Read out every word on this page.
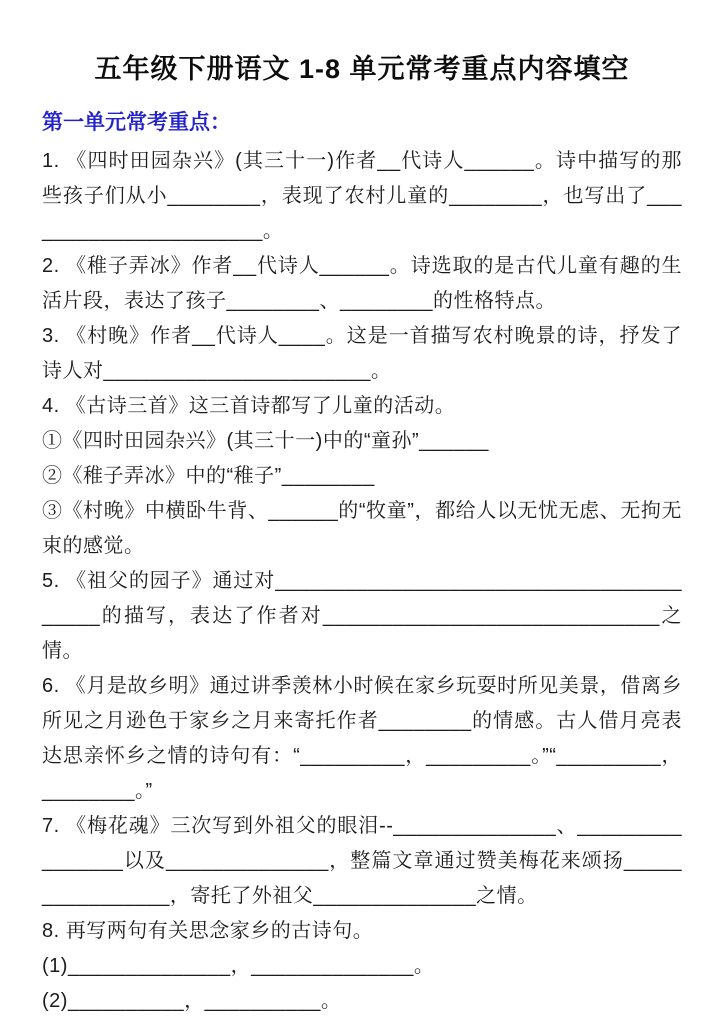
五年级下册语文 1-8 单元常考重点内容填空
第一单元常考重点：

1. 《四时田园杂兴》(其三十一)作者__代诗人______。诗中描写的那些孩子们从小________，表现了农村儿童的________，也写出了______________________。

2. 《稚子弄冰》作者__代诗人______。诗选取的是古代儿童有趣的生活片段，表达了孩子________、________的性格特点。

3. 《村晚》作者__代诗人____。这是一首描写农村晚景的诗，抒发了诗人对_______________________。

4. 《古诗三首》这三首诗都写了儿童的活动。

①《四时田园杂兴》(其三十一)中的“童孙”______

②《稚子弄冰》中的“稚子”________

③《村晚》中横卧牛背、______的“牧童”，都给人以无忧无虑、无拘无束的感觉。

5. 《祖父的园子》通过对________________________________________的描写，表达了作者对_____________________________之情。

6. 《月是故乡明》通过讲季羡林小时候在家乡玩耍时所见美景，借离乡所见之月逊色于家乡之月来寄托作者________的情感。古人借月亮表达思亲怀乡之情的诗句有：“_________，_________。”“_________，________。”

7. 《梅花魂》三次写到外祖父的眼泪--______________、________________以及______________，整篇文章通过赞美梅花来颂扬________________，寄托了外祖父______________之情。

8. 再写两句有关思念家乡的古诗句。

(1)______________，______________。

(2)__________，__________。
